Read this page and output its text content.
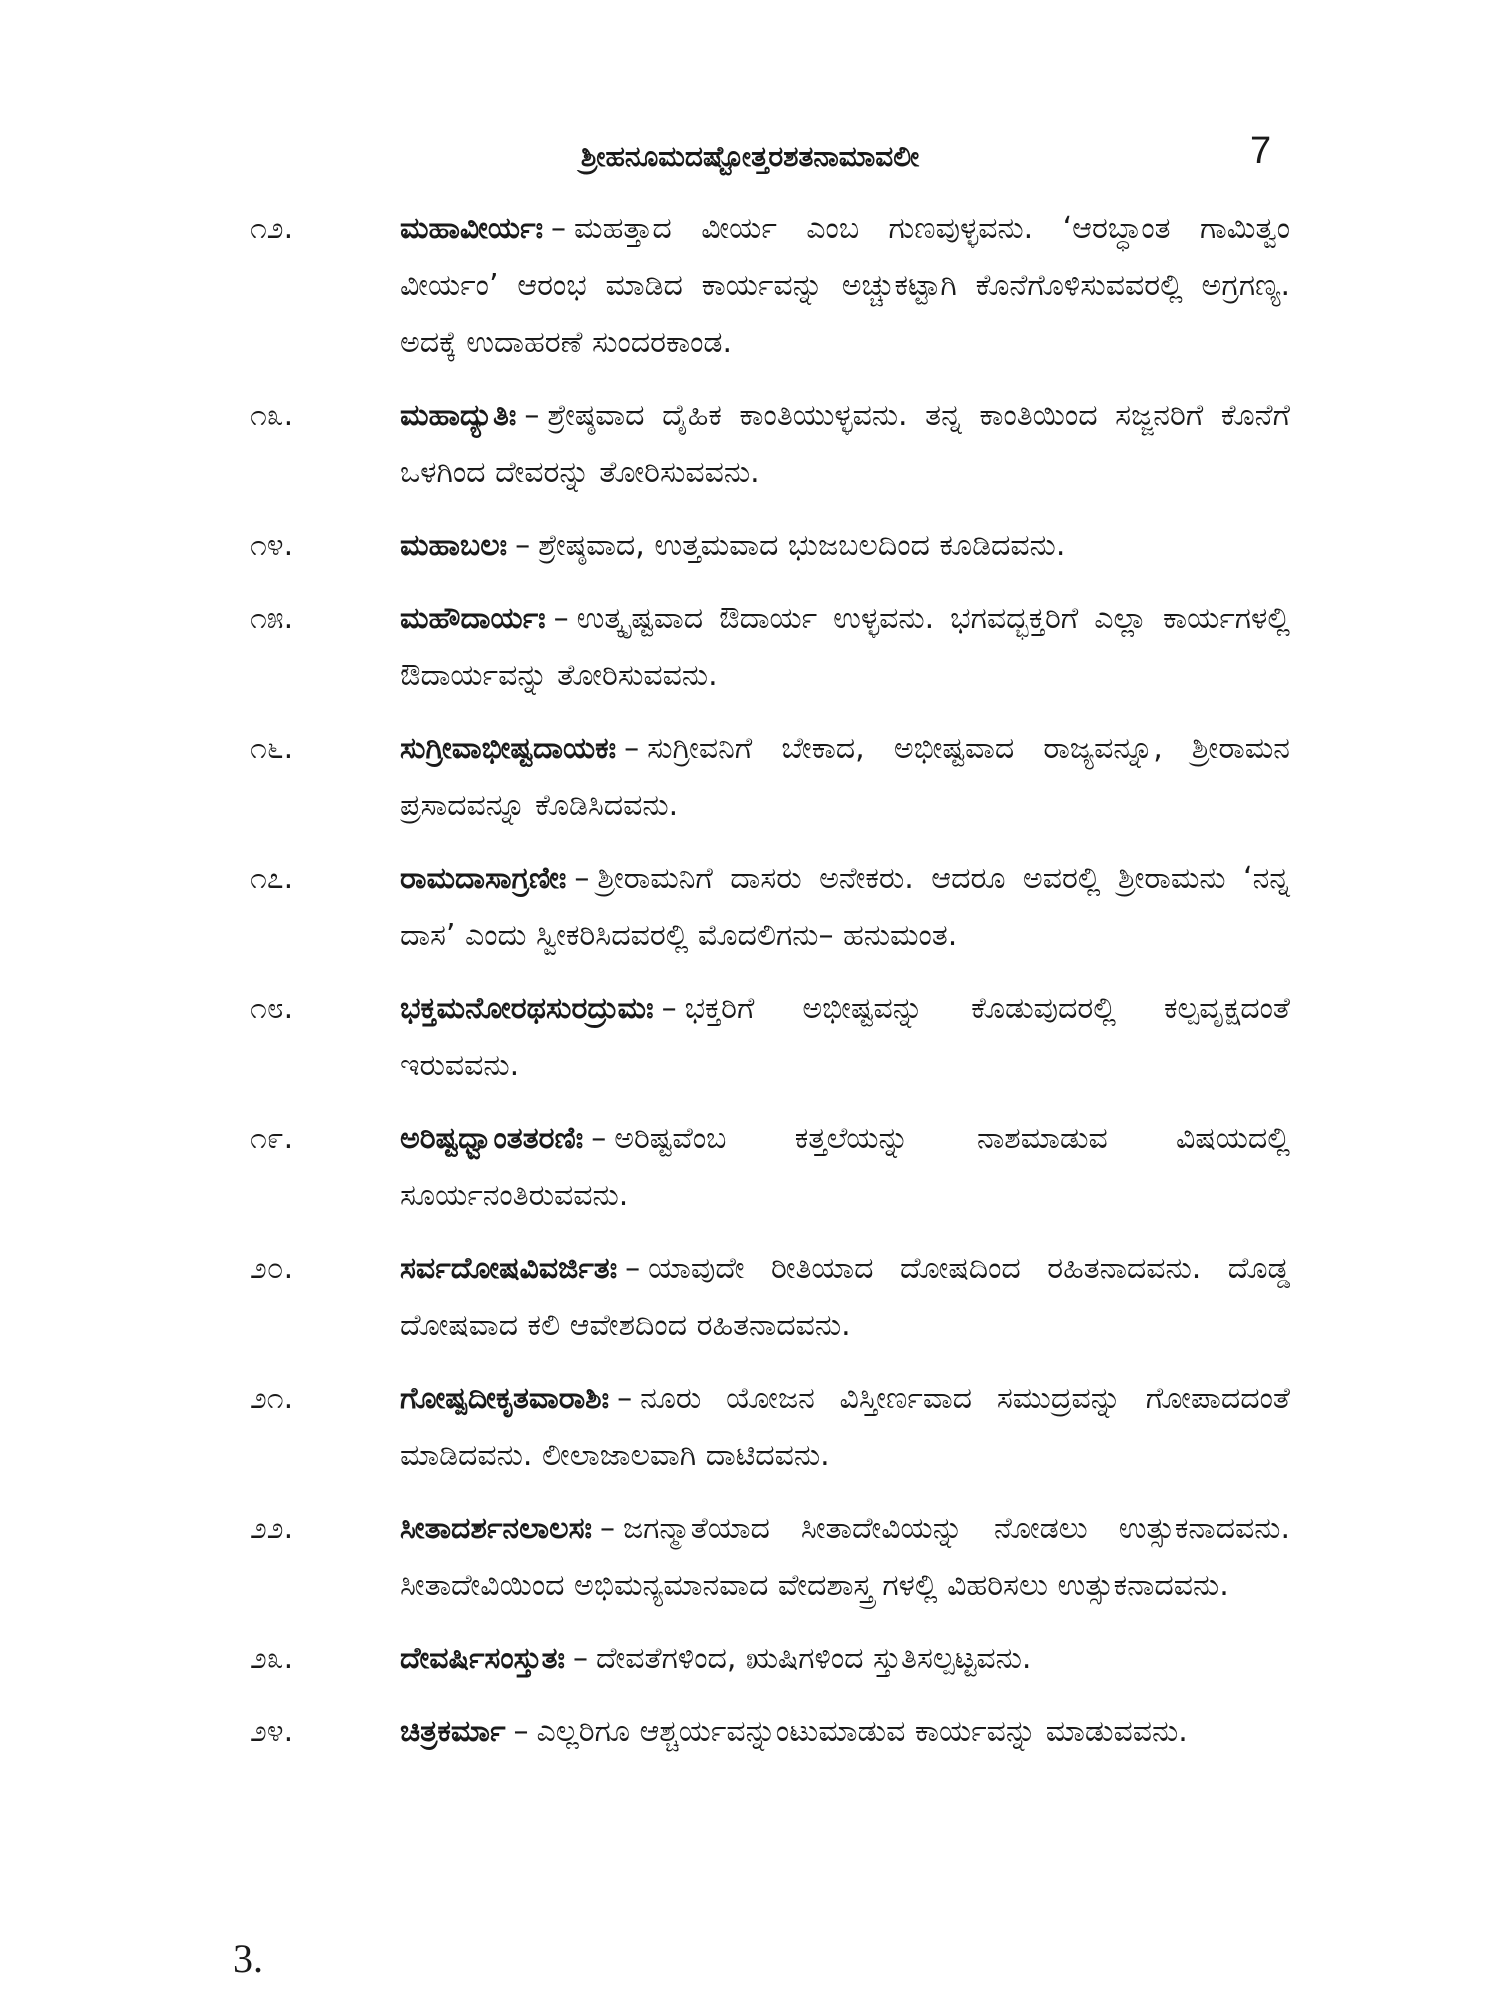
ಶ್ರೀಹನೂಮದಷ್ಟೋತ್ತರಶತನಾಮಾವಲೀ	7
೧೨.	ಮಹಾವೀರ್ಯಃ – ಮಹತ್ತಾದ ವೀರ್ಯ ಎಂಬ ಗುಣವುಳ್ಳವನು. ‘ಆರಬ್ಧಾಂತ ಗಾಮಿತ್ವಂ ವೀರ್ಯಂ’ ಆರಂಭ ಮಾಡಿದ ಕಾರ್ಯವನ್ನು ಅಚ್ಚುಕಟ್ಟಾಗಿ ಕೊನೆಗೊಳಿಸುವವರಲ್ಲಿ ಅಗ್ರಗಣ್ಯ. ಅದಕ್ಕೆ ಉದಾಹರಣೆ ಸುಂದರಕಾಂಡ.
೧೩.	ಮಹಾದ್ಯುತಿಃ – ಶ್ರೇಷ್ಠವಾದ ದೈಹಿಕ ಕಾಂತಿಯುಳ್ಳವನು. ತನ್ನ ಕಾಂತಿಯಿಂದ ಸಜ್ಜನರಿಗೆ ಕೊನೆಗೆ ಒಳಗಿಂದ ದೇವರನ್ನು ತೋರಿಸುವವನು.
೧೪.	ಮಹಾಬಲಃ – ಶ್ರೇಷ್ಠವಾದ, ಉತ್ತಮವಾದ ಭುಜಬಲದಿಂದ ಕೂಡಿದವನು.
೧೫.	ಮಹೌದಾರ್ಯಃ – ಉತ್ಕೃಷ್ಟವಾದ ಔದಾರ್ಯ ಉಳ್ಳವನು. ಭಗವದ್ಭಕ್ತರಿಗೆ ಎಲ್ಲಾ ಕಾರ್ಯಗಳಲ್ಲಿ ಔದಾರ್ಯವನ್ನು ತೋರಿಸುವವನು.
೧೬.	ಸುಗ್ರೀವಾಭೀಷ್ಟದಾಯಕಃ – ಸುಗ್ರೀವನಿಗೆ ಬೇಕಾದ, ಅಭೀಷ್ಟವಾದ ರಾಜ್ಯವನ್ನೂ, ಶ್ರೀರಾಮನ ಪ್ರಸಾದವನ್ನೂ ಕೊಡಿಸಿದವನು.
೧೭.	ರಾಮದಾಸಾಗ್ರಣೀಃ – ಶ್ರೀರಾಮನಿಗೆ ದಾಸರು ಅನೇಕರು. ಆದರೂ ಅವರಲ್ಲಿ ಶ್ರೀರಾಮನು ‘ನನ್ನ ದಾಸ’ ಎಂದು ಸ್ವೀಕರಿಸಿದವರಲ್ಲಿ ಮೊದಲಿಗನು– ಹನುಮಂತ.
೧೮.	ಭಕ್ತಮನೋರಥಸುರದ್ರುಮಃ – ಭಕ್ತರಿಗೆ ಅಭೀಷ್ಟವನ್ನು ಕೊಡುವುದರಲ್ಲಿ ಕಲ್ಪವೃಕ್ಷದಂತೆ ಇರುವವನು.
೧೯.	ಅರಿಷ್ಟಧ್ವಾಂತತರಣಿಃ – ಅರಿಷ್ಟವೆಂಬ ಕತ್ತಲೆಯನ್ನು ನಾಶಮಾಡುವ ವಿಷಯದಲ್ಲಿ ಸೂರ್ಯನಂತಿರುವವನು.
೨೦.	ಸರ್ವದೋಷವಿವರ್ಜಿತಃ – ಯಾವುದೇ ರೀತಿಯಾದ ದೋಷದಿಂದ ರಹಿತನಾದವನು. ದೊಡ್ಡ ದೋಷವಾದ ಕಲಿ ಆವೇಶದಿಂದ ರಹಿತನಾದವನು.
೨೧.	ಗೋಷ್ಪದೀಕೃತವಾರಾಶಿಃ – ನೂರು ಯೋಜನ ವಿಸ್ತೀರ್ಣವಾದ ಸಮುದ್ರವನ್ನು ಗೋಪಾದದಂತೆ ಮಾಡಿದವನು. ಲೀಲಾಜಾಲವಾಗಿ ದಾಟಿದವನು.
೨೨.	ಸೀತಾದರ್ಶನಲಾಲಸಃ – ಜಗನ್ಮಾತೆಯಾದ ಸೀತಾದೇವಿಯನ್ನು ನೋಡಲು ಉತ್ಸುಕನಾದವನು. ಸೀತಾದೇವಿಯಿಂದ ಅಭಿಮನ್ಯಮಾನವಾದ ವೇದಶಾಸ್ತ್ರ ಗಳಲ್ಲಿ ವಿಹರಿಸಲು ಉತ್ಸುಕನಾದವನು.
೨೩.	ದೇವರ್ಷಿಸಂಸ್ತುತಃ – ದೇವತೆಗಳಿಂದ, ಋಷಿಗಳಿಂದ ಸ್ತುತಿಸಲ್ಪಟ್ಟವನು.
೨೪.	ಚಿತ್ರಕರ್ಮಾ – ಎಲ್ಲರಿಗೂ ಆಶ್ಚರ್ಯವನ್ನುಂಟುಮಾಡುವ ಕಾರ್ಯವನ್ನು ಮಾಡುವವನು.
3.
